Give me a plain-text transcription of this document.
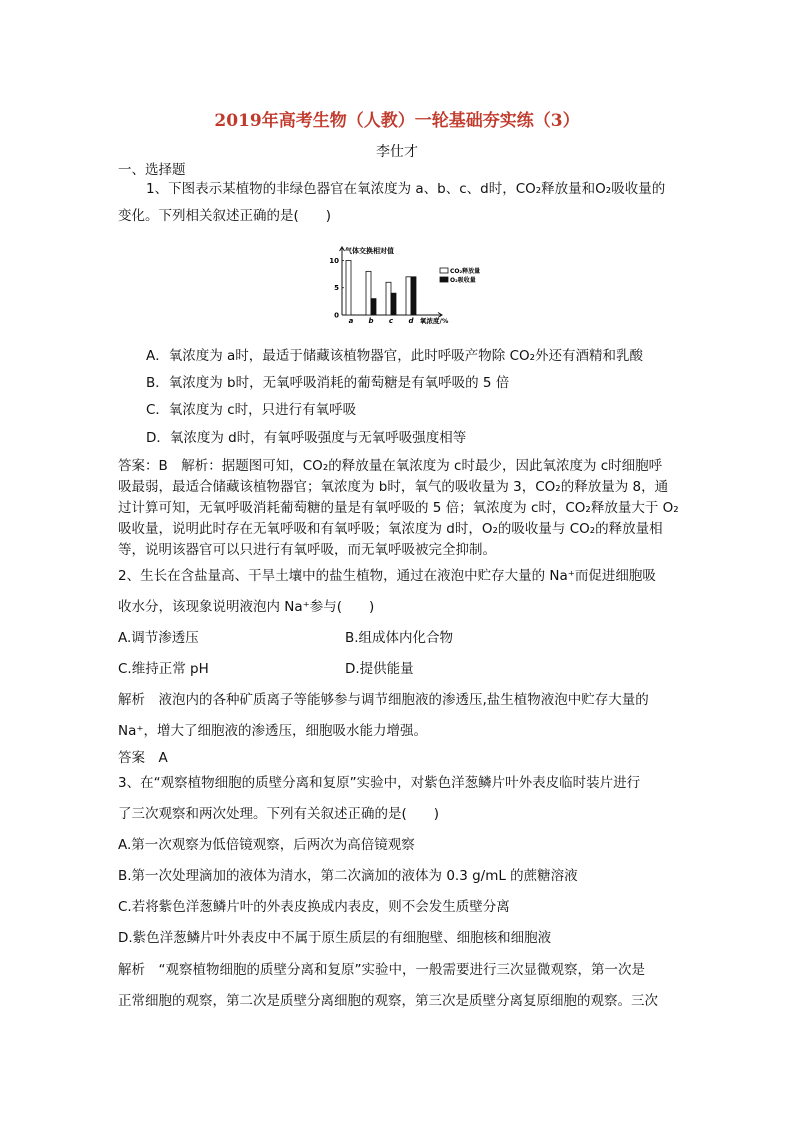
2019年高考生物（人教）一轮基础夯实练（3）
李仕才
一、选择题
1、下图表示某植物的非绿色器官在氧浓度为 a、b、c、d时，CO₂释放量和O₂吸收量的
变化。下列相关叙述正确的是(　　)
气体交换相对值
0
5
10
a b c d 氧浓度/%
CO₂释放量
O₂吸收量
A．氧浓度为 a时，最适于储藏该植物器官，此时呼吸产物除 CO₂外还有酒精和乳酸
B．氧浓度为 b时，无氧呼吸消耗的葡萄糖是有氧呼吸的 5 倍
C．氧浓度为 c时，只进行有氧呼吸
D．氧浓度为 d时，有氧呼吸强度与无氧呼吸强度相等
答案：B　解析：据题图可知，CO₂的释放量在氧浓度为 c时最少，因此氧浓度为 c时细胞呼
吸最弱，最适合储藏该植物器官；氧浓度为 b时，氧气的吸收量为 3，CO₂的释放量为 8，通
过计算可知，无氧呼吸消耗葡萄糖的量是有氧呼吸的 5 倍；氧浓度为 c时，CO₂释放量大于 O₂
吸收量，说明此时存在无氧呼吸和有氧呼吸；氧浓度为 d时，O₂的吸收量与 CO₂的释放量相
等，说明该器官可以只进行有氧呼吸，而无氧呼吸被完全抑制。
2、生长在含盐量高、干旱土壤中的盐生植物，通过在液泡中贮存大量的 Na⁺而促进细胞吸
收水分，该现象说明液泡内 Na⁺参与(　　)
A.调节渗透压	B.组成体内化合物
C.维持正常 pH	D.提供能量
解析　液泡内的各种矿质离子等能够参与调节细胞液的渗透压,盐生植物液泡中贮存大量的
Na⁺，增大了细胞液的渗透压，细胞吸水能力增强。
答案　A
3、在“观察植物细胞的质壁分离和复原”实验中，对紫色洋葱鳞片叶外表皮临时装片进行
了三次观察和两次处理。下列有关叙述正确的是(　　)
A.第一次观察为低倍镜观察，后两次为高倍镜观察
B.第一次处理滴加的液体为清水，第二次滴加的液体为 0.3 g/mL 的蔗糖溶液
C.若将紫色洋葱鳞片叶的外表皮换成内表皮，则不会发生质壁分离
D.紫色洋葱鳞片叶外表皮中不属于原生质层的有细胞壁、细胞核和细胞液
解析　“观察植物细胞的质壁分离和复原”实验中，一般需要进行三次显微观察，第一次是
正常细胞的观察，第二次是质壁分离细胞的观察，第三次是质壁分离复原细胞的观察。三次
